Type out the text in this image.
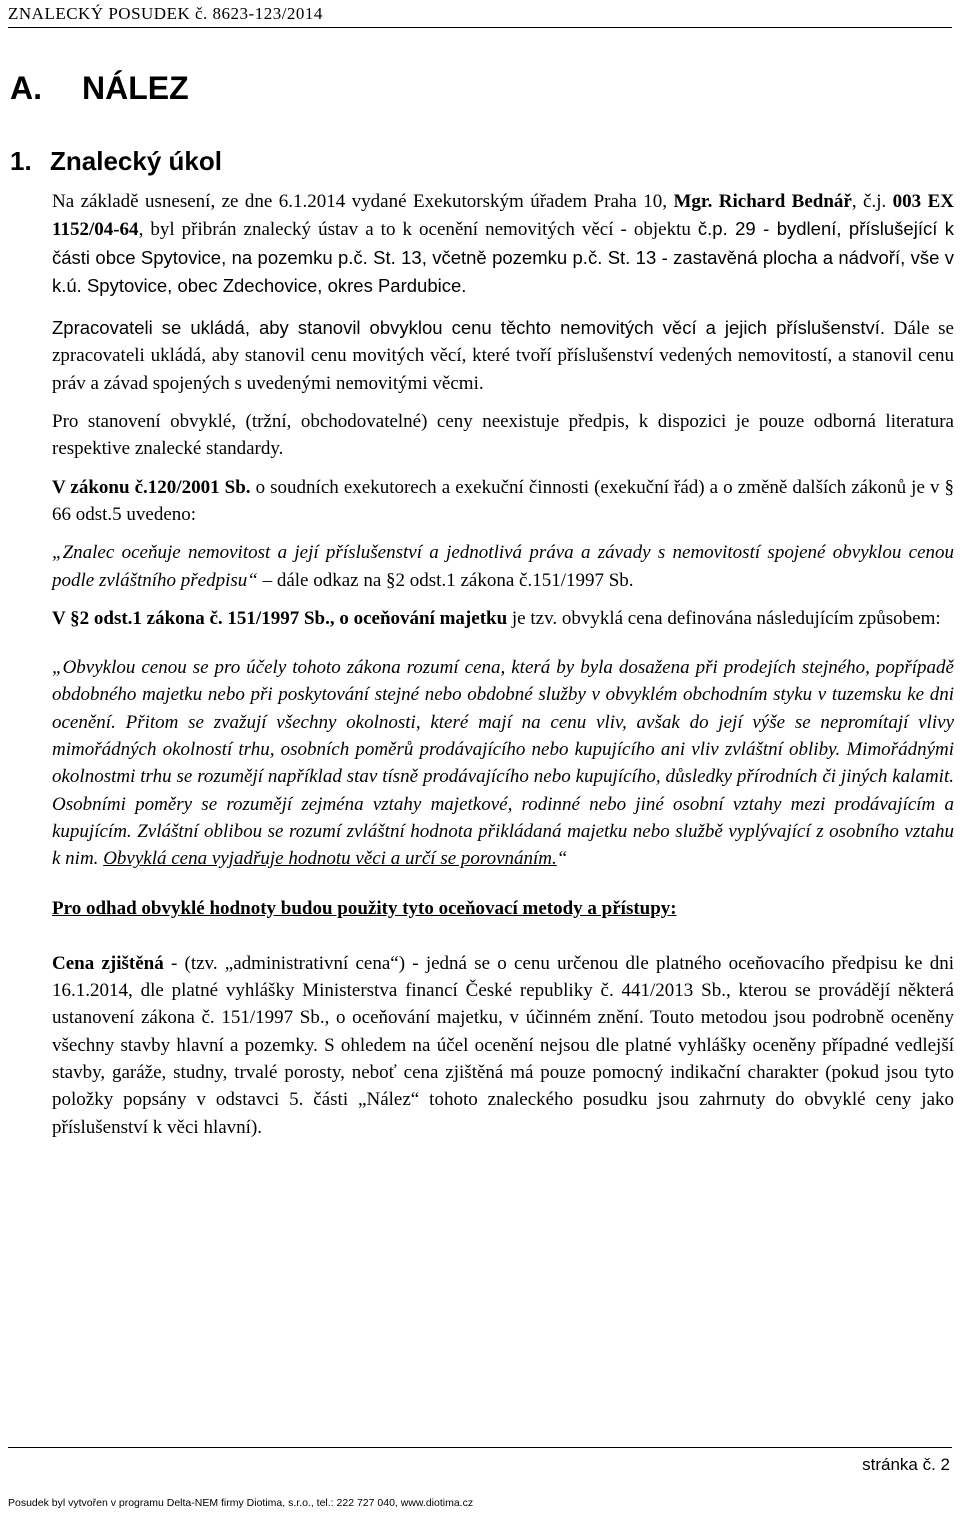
ZNALECKÝ POSUDEK č. 8623-123/2014
A. NÁLEZ
1. Znalecký úkol

Na základě usnesení, ze dne 6.1.2014 vydané Exekutorským úřadem Praha 10, Mgr. Richard Bednář, č.j. 003 EX 1152/04-64, byl přibrán znalecký ústav a to k ocenění nemovitých věcí - objektu č.p. 29 - bydlení, příslušející k části obce Spytovice, na pozemku p.č. St. 13, včetně pozemku p.č. St. 13 - zastavěná plocha a nádvoří, vše v k.ú. Spytovice, obec Zdechovice, okres Pardubice.

Zpracovateli se ukládá, aby stanovil obvyklou cenu těchto nemovitých věcí a jejich příslušenství. Dále se zpracovateli ukládá, aby stanovil cenu movitých věcí, které tvoří příslušenství vedených nemovitostí, a stanovil cenu práv a závad spojených s uvedenými nemovitými věcmi.

Pro stanovení obvyklé, (tržní, obchodovatelné) ceny neexistuje předpis, k dispozici je pouze odborná literatura respektive znalecké standardy.

V zákonu č.120/2001 Sb. o soudních exekutorech a exekuční činnosti (exekuční řád) a o změně dalších zákonů je v § 66 odst.5 uvedeno:

„Znalec oceňuje nemovitost a její příslušenství a jednotlivá práva a závady s nemovitostí spojené obvyklou cenou podle zvláštního předpisu“ – dále odkaz na §2 odst.1 zákona č.151/1997 Sb.

V §2 odst.1 zákona č. 151/1997 Sb., o oceňování majetku je tzv. obvyklá cena definována následujícím způsobem:

„Obvyklou cenou se pro účely tohoto zákona rozumí cena, která by byla dosažena při prodejích stejného, popřípadě obdobného majetku nebo při poskytování stejné nebo obdobné služby v obvyklém obchodním styku v tuzemsku ke dni ocenění. Přitom se zvažují všechny okolnosti, které mají na cenu vliv, avšak do její výše se nepromítají vlivy mimořádných okolností trhu, osobních poměrů prodávajícího nebo kupujícího ani vliv zvláštní obliby. Mimořádnými okolnostmi trhu se rozumějí například stav tísně prodávajícího nebo kupujícího, důsledky přírodních či jiných kalamit. Osobními poměry se rozumějí zejména vztahy majetkové, rodinné nebo jiné osobní vztahy mezi prodávajícím a kupujícím. Zvláštní oblibou se rozumí zvláštní hodnota přikládaná majetku nebo službě vyplývající z osobního vztahu k nim. Obvyklá cena vyjadřuje hodnotu věci a určí se porovnáním.“

Pro odhad obvyklé hodnoty budou použity tyto oceňovací metody a přístupy:

Cena zjištěná - (tzv. „administrativní cena“) - jedná se o cenu určenou dle platného oceňovacího předpisu ke dni 16.1.2014, dle platné vyhlášky Ministerstva financí České republiky č. 441/2013 Sb., kterou se provádějí některá ustanovení zákona č. 151/1997 Sb., o oceňování majetku, v účinném znění. Touto metodou jsou podrobně oceněny všechny stavby hlavní a pozemky. S ohledem na účel ocenění nejsou dle platné vyhlášky oceněny případné vedlejší stavby, garáže, studny, trvalé porosty, neboť cena zjištěná má pouze pomocný indikační charakter (pokud jsou tyto položky popsány v odstavci 5. části „Nález“ tohoto znaleckého posudku jsou zahrnuty do obvyklé ceny jako příslušenství k věci hlavní).

stránka č. 2
Posudek byl vytvořen v programu Delta-NEM firmy Diotima, s.r.o., tel.: 222 727 040, www.diotima.cz
